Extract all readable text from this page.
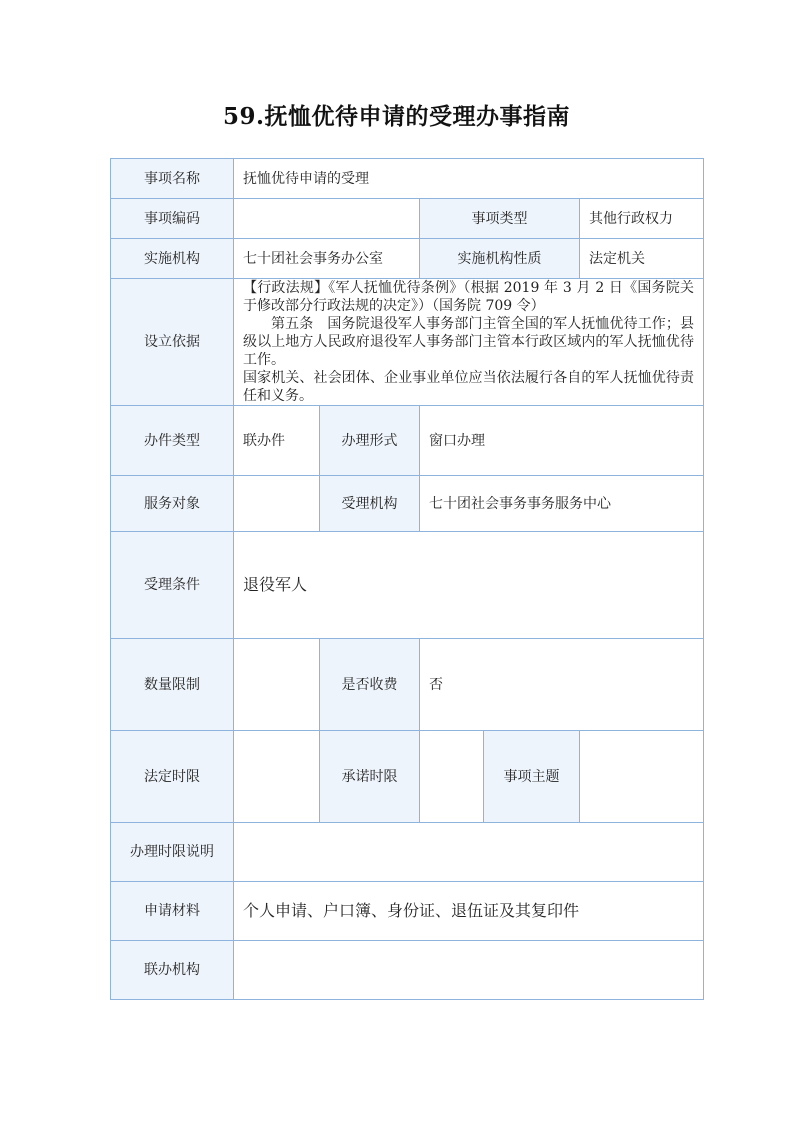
59.抚恤优待申请的受理办事指南
事项名称	抚恤优待申请的受理				
事项编码			事项类型		其他行政权力
实施机构	七十团社会事务办公室		实施机构性质		法定机关
设立依据	【行政法规】《军人抚恤优待条例》（根据 2019 年 3 月 2 日《国务院关于修改部分行政法规的决定》）（国务院 709 令）

第五条　国务院退役军人事务部门主管全国的军人抚恤优待工作；县级以上地方人民政府退役军人事务部门主管本行政区域内的军人抚恤优待工作。

国家机关、社会团体、企业事业单位应当依法履行各自的军人抚恤优待责任和义务。				

办件类型	联办件	办理形式	窗口办理		
服务对象		受理机构	七十团社会事务事务服务中心		
受理条件	退役军人				
数量限制		是否收费	否		
法定时限		承诺时限		事项主题	
办理时限说明					
申请材料	个人申请、户口簿、身份证、退伍证及其复印件				
联办机构					
